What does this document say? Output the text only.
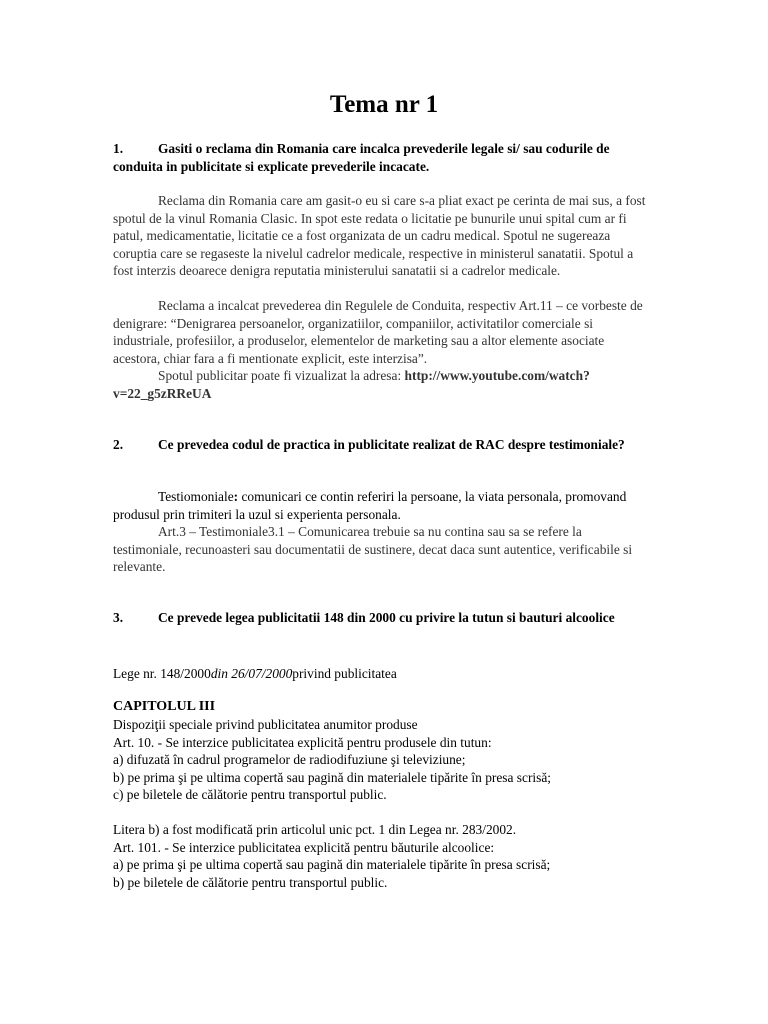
Tema nr 1

1.	Gasiti o reclama din Romania care incalca prevederile legale si/ sau codurile de conduita in publicitate si explicate prevederile incacate.

Reclama din Romania care am gasit-o eu si care s-a pliat exact pe cerinta de mai sus, a fost spotul de la vinul Romania Clasic. In spot este redata o licitatie pe bunurile unui spital cum ar fi patul, medicamentatie, licitatie ce a fost organizata de un cadru medical. Spotul ne sugereaza coruptia care se regaseste la nivelul cadrelor medicale, respective in ministerul sanatatii. Spotul a fost interzis deoarece denigra reputatia ministerului sanatatii si a cadrelor medicale.

Reclama a incalcat prevederea din Regulele de Conduita, respectiv Art.11 – ce vorbeste de denigrare: “Denigrarea persoanelor, organizatiilor, companiilor, activitatilor comerciale si industriale, profesiilor, a produselor, elementelor de marketing sau a altor elemente asociate acestora, chiar fara a fi mentionate explicit, este interzisa”.

Spotul publicitar poate fi vizualizat la adresa: http://www.youtube.com/watch?v=22_g5zRReUA

2.	Ce prevedea codul de practica in publicitate realizat de RAC despre testimoniale?

Testiomoniale: comunicari ce contin referiri la persoane, la viata personala, promovand produsul prin trimiteri la uzul si experienta personala.

Art.3 – Testimoniale3.1 – Comunicarea trebuie sa nu contina sau sa se refere la testimoniale, recunoasteri sau documentatii de sustinere, decat daca sunt autentice, verificabile si relevante.

3.	Ce prevede legea publicitatii 148 din 2000 cu privire la tutun si bauturi alcoolice

Lege nr. 148/2000din 26/07/2000privind publicitatea

CAPITOLUL III

Dispoziţii speciale privind publicitatea anumitor produse

Art. 10. - Se interzice publicitatea explicită pentru produsele din tutun:

a) difuzată în cadrul programelor de radiodifuziune şi televiziune;

b) pe prima şi pe ultima copertă sau pagină din materialele tipărite în presa scrisă;

c) pe biletele de călătorie pentru transportul public.

Litera b) a fost modificată prin articolul unic pct. 1 din Legea nr. 283/2002.

Art. 101. - Se interzice publicitatea explicită pentru băuturile alcoolice:

a) pe prima şi pe ultima copertă sau pagină din materialele tipărite în presa scrisă;

b) pe biletele de călătorie pentru transportul public.
